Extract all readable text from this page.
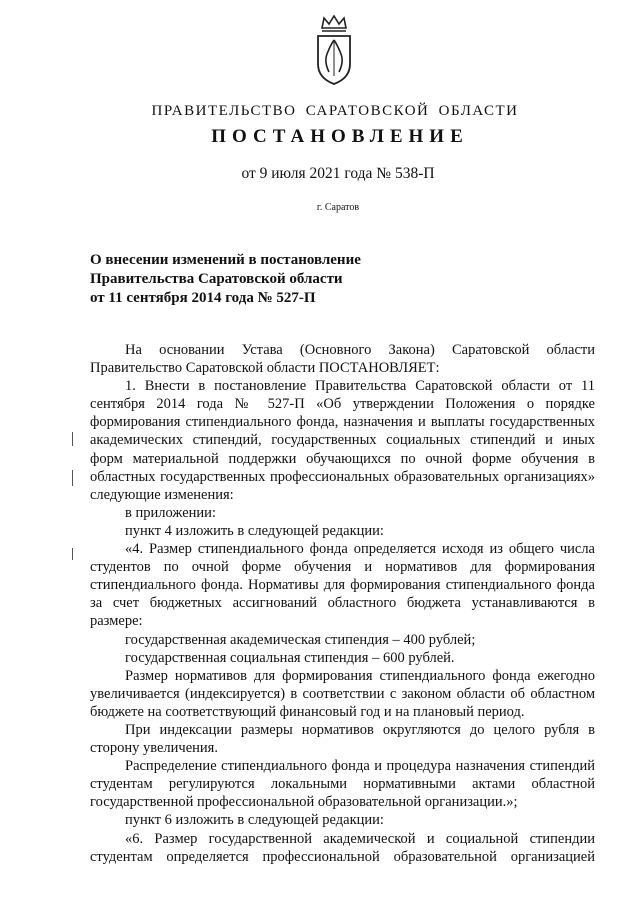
ПРАВИТЕЛЬСТВО САРАТОВСКОЙ ОБЛАСТИ
ПОСТАНОВЛЕНИЕ
от 9 июля 2021 года № 538-П
г. Саратов
О внесении изменений в постановление
Правительства Саратовской области
от 11 сентября 2014 года № 527-П

На основании Устава (Основного Закона) Саратовской области Правительство Саратовской области ПОСТАНОВЛЯЕТ:

1. Внести в постановление Правительства Саратовской области от 11 сентября 2014 года № 527-П «Об утверждении Положения о порядке формирования стипендиального фонда, назначения и выплаты государственных академических стипендий, государственных социальных стипендий и иных форм материальной поддержки обучающихся по очной форме обучения в областных государственных профессиональных образовательных организациях» следующие изменения:

в приложении:

пункт 4 изложить в следующей редакции:

«4. Размер стипендиального фонда определяется исходя из общего числа студентов по очной форме обучения и нормативов для формирования стипендиального фонда. Нормативы для формирования стипендиального фонда за счет бюджетных ассигнований областного бюджета устанавливаются в размере:

государственная академическая стипендия – 400 рублей;

государственная социальная стипендия – 600 рублей.

Размер нормативов для формирования стипендиального фонда ежегодно увеличивается (индексируется) в соответствии с законом области об областном бюджете на соответствующий финансовый год и на плановый период.

При индексации размеры нормативов округляются до целого рубля в сторону увеличения.

Распределение стипендиального фонда и процедура назначения стипендий студентам регулируются локальными нормативными актами областной государственной профессиональной образовательной организации.»;

пункт 6 изложить в следующей редакции:

«6. Размер государственной академической и социальной стипендии студентам определяется профессиональной образовательной организацией
